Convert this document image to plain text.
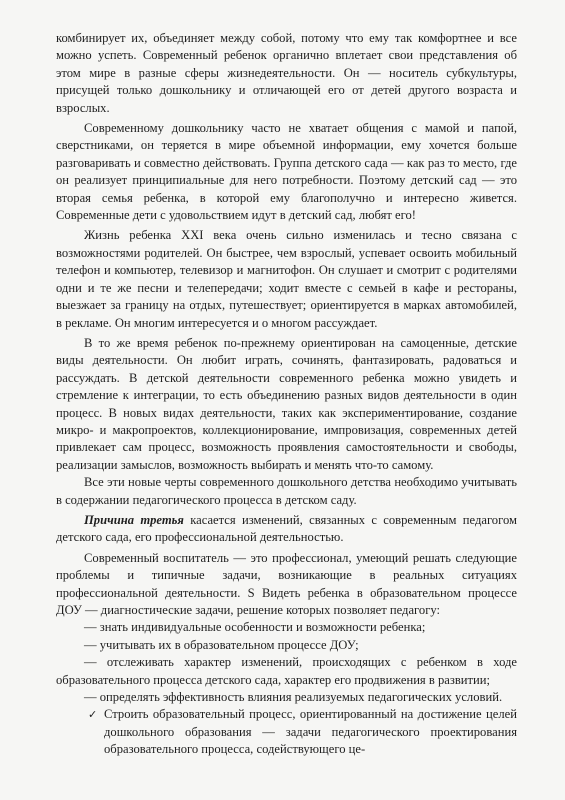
комбинирует их, объединяет между собой, потому что ему так комфортнее и все можно успеть. Современный ребенок органично вплетает свои представления об этом мире в разные сферы жизнедеятельности. Он — носитель субкультуры, присущей только дошкольнику и отличающей его от детей другого возраста и взрослых.

Современному дошкольнику часто не хватает общения с мамой и папой, сверстниками, он теряется в мире объемной информации, ему хочется больше разговаривать и совместно действовать. Группа детского сада — как раз то место, где он реализует принципиальные для него потребности. Поэтому детский сад — это вторая семья ребенка, в которой ему благополучно и интересно живется. Современные дети с удовольствием идут в детский сад, любят его!

Жизнь ребенка XXI века очень сильно изменилась и тесно связана с возможностями родителей. Он быстрее, чем взрослый, успевает освоить мобильный телефон и компьютер, телевизор и магнитофон. Он слушает и смотрит с родителями одни и те же песни и телепередачи; ходит вместе с семьей в кафе и рестораны, выезжает за границу на отдых, путешествует; ориентируется в марках автомобилей, в рекламе. Он многим интересуется и о многом рассуждает.

В то же время ребенок по-прежнему ориентирован на самоценные, детские виды деятельности. Он любит играть, сочинять, фантазировать, радоваться и рассуждать. В детской деятельности современного ребенка можно увидеть и стремление к интеграции, то есть объединению разных видов деятельности в один процесс. В новых видах деятельности, таких как экспериментирование, создание микро- и макропроектов, коллекционирование, импровизация, современных детей привлекает сам процесс, возможность проявления самостоятельности и свободы, реализации замыслов, возможность выбирать и менять что-то самому.

Все эти новые черты современного дошкольного детства необходимо учитывать в содержании педагогического процесса в детском саду.

Причина третья касается изменений, связанных с современным педагогом детского сада, его профессиональной деятельностью.

Современный воспитатель — это профессионал, умеющий решать следующие проблемы и типичные задачи, возникающие в реальных ситуациях профессиональной деятельности. S Видеть ребенка в образовательном процессе ДОУ — диагностические задачи, решение которых позволяет педагогу:

— знать индивидуальные особенности и возможности ребенка;

— учитывать их в образовательном процессе ДОУ;

— отслеживать характер изменений, происходящих с ребенком в ходе образовательного процесса детского сада, характер его продвижения в развитии;

— определять эффективность влияния реализуемых педагогических условий.

✓ Строить образовательный процесс, ориентированный на достижение целей дошкольного образования — задачи педагогического проектирования образовательного процесса, содействующего це-
